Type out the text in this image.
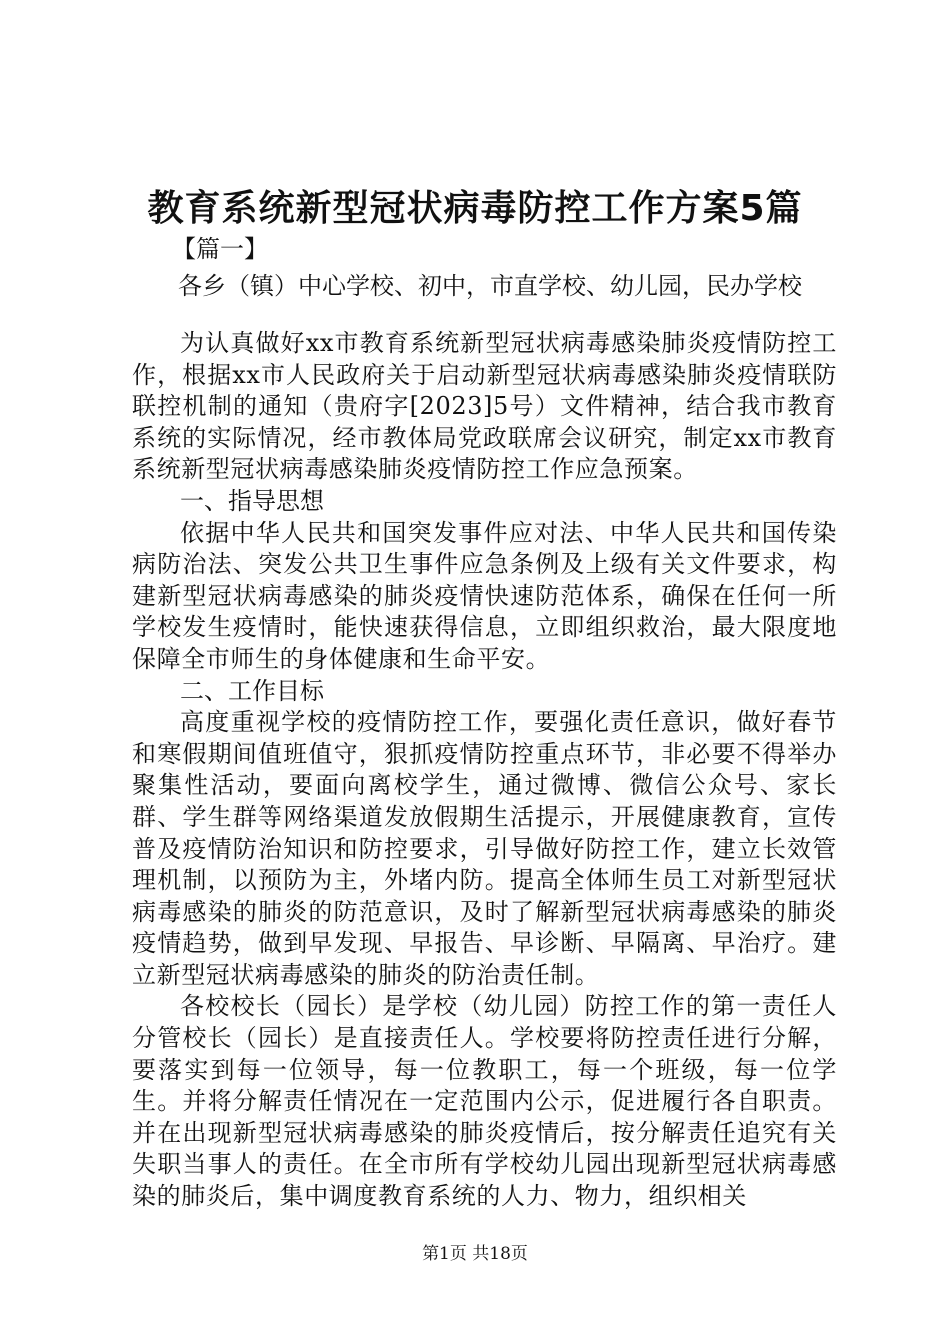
教育系统新型冠状病毒防控工作方案5篇

【篇一】

各乡（镇）中心学校、初中，市直学校、幼儿园，民办学校

为认真做好xx市教育系统新型冠状病毒感染肺炎疫情防控工作，根据xx市人民政府关于启动新型冠状病毒感染肺炎疫情联防联控机制的通知（贵府字[2023]5号）文件精神，结合我市教育系统的实际情况，经市教体局党政联席会议研究，制定xx市教育系统新型冠状病毒感染肺炎疫情防控工作应急预案。

一、指导思想

依据中华人民共和国突发事件应对法、中华人民共和国传染病防治法、突发公共卫生事件应急条例及上级有关文件要求，构建新型冠状病毒感染的肺炎疫情快速防范体系，确保在任何一所学校发生疫情时，能快速获得信息，立即组织救治，最大限度地保障全市师生的身体健康和生命平安。

二、工作目标

高度重视学校的疫情防控工作，要强化责任意识，做好春节和寒假期间值班值守，狠抓疫情防控重点环节，非必要不得举办聚集性活动，要面向离校学生，通过微博、微信公众号、家长群、学生群等网络渠道发放假期生活提示，开展健康教育，宣传普及疫情防治知识和防控要求，引导做好防控工作，建立长效管理机制，以预防为主，外堵内防。提高全体师生员工对新型冠状病毒感染的肺炎的防范意识，及时了解新型冠状病毒感染的肺炎疫情趋势，做到早发现、早报告、早诊断、早隔离、早治疗。建立新型冠状病毒感染的肺炎的防治责任制。

各校校长（园长）是学校（幼儿园）防控工作的第一责任人分管校长（园长）是直接责任人。学校要将防控责任进行分解，要落实到每一位领导，每一位教职工，每一个班级，每一位学生。并将分解责任情况在一定范围内公示，促进履行各自职责。并在出现新型冠状病毒感染的肺炎疫情后，按分解责任追究有关失职当事人的责任。在全市所有学校幼儿园出现新型冠状病毒感染的肺炎后，集中调度教育系统的人力、物力，组织相关

第1页 共18页
